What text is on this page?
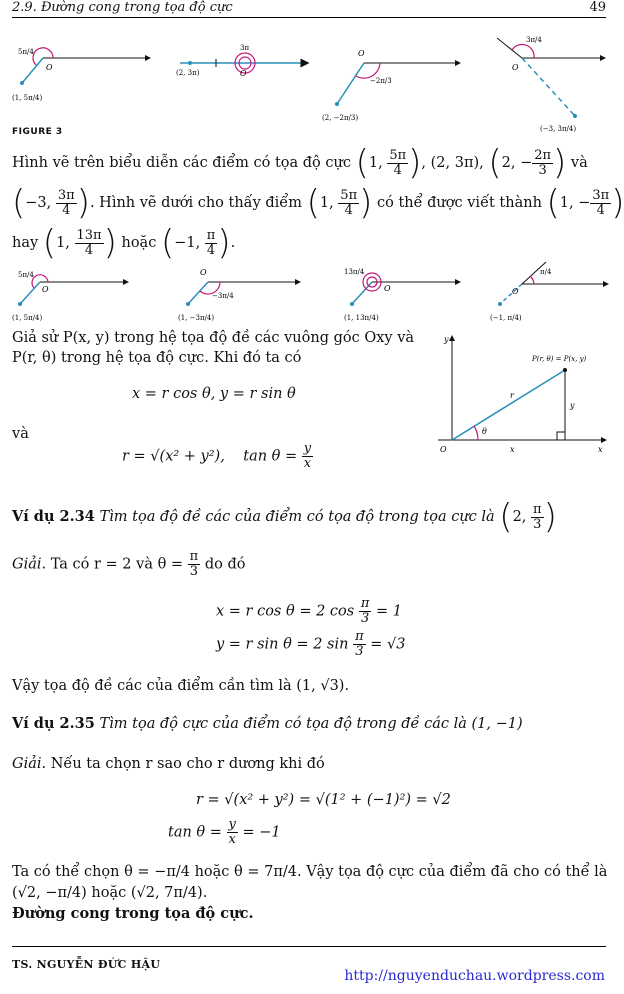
2.9. Đường cong trong tọa độ cực	49
O
5π/4
(1, 5π/4)
O
3π
(2, 3π)
O
−2π/3
(2, −2π/3)
O
3π/4
(−3, 3π/4)
FIGURE 3
Hình vẽ trên biểu diễn các điểm có tọa độ cực (1, $\frac{5\pi}{4}$ ), (2, 3π), (2, − $\frac{2\pi}{3}$ ) và
(−3, $\frac{3\pi}{4}$ ). Hình vẽ dưới cho thấy điểm (1, $\frac{5\pi}{4}$ ) có thể được viết thành (1, − $\frac{3\pi}{4}$ )
hay (1, $\frac{13\pi}{4}$ ) hoặc (−1, $\frac{\pi}{4}$ ).
O
5π/4
(1, 5π/4)
O
−3π/4
(1, −3π/4)
O
13π/4
(1, 13π/4)
O
π/4
(−1, π/4)
Giả sử P(x, y) trong hệ tọa độ đề các vuông góc Oxy và
P(r, θ) trong hệ tọa độ cực. Khi đó ta có
x = r cos θ, y = r sin θ
và
r = √(x² + y²), $\tan \theta = \frac{y}{x}$
y
x
O
P(r, θ) = P(x, y)
r
θ
y
x
Ví dụ 2.34 Tìm tọa độ đề các của điểm có tọa độ trong tọa cực là (2, $\frac{\pi}{3}$ )
Giải. Ta có r = 2 và $\theta = \frac{\pi}{3}$ do đó
x = r cos θ = 2 $\cos \frac{\pi}{3} = 1$
y = r sin θ = 2 $\sin \frac{\pi}{3} = √3$
Vậy tọa độ đề các của điểm cần tìm là (1, √3).
Ví dụ 2.35 Tìm tọa độ cực của điểm có tọa độ trong đề các là (1, −1)
Giải. Nếu ta chọn r sao cho r dương khi đó
r = √(x² + y²) = √(1² + (−1)²) = √2
$\tan \theta = \frac{y}{x} = -1$
Ta có thể chọn θ = −π/4 hoặc θ = 7π/4. Vậy tọa độ cực của điểm đã cho có thể là
(√2, −π/4) hoặc (√2, 7π/4).
Đường cong trong tọa độ cực.
TS. NGUYỄN ĐỨC HẬU
http://nguyenduchau.wordpress.com
